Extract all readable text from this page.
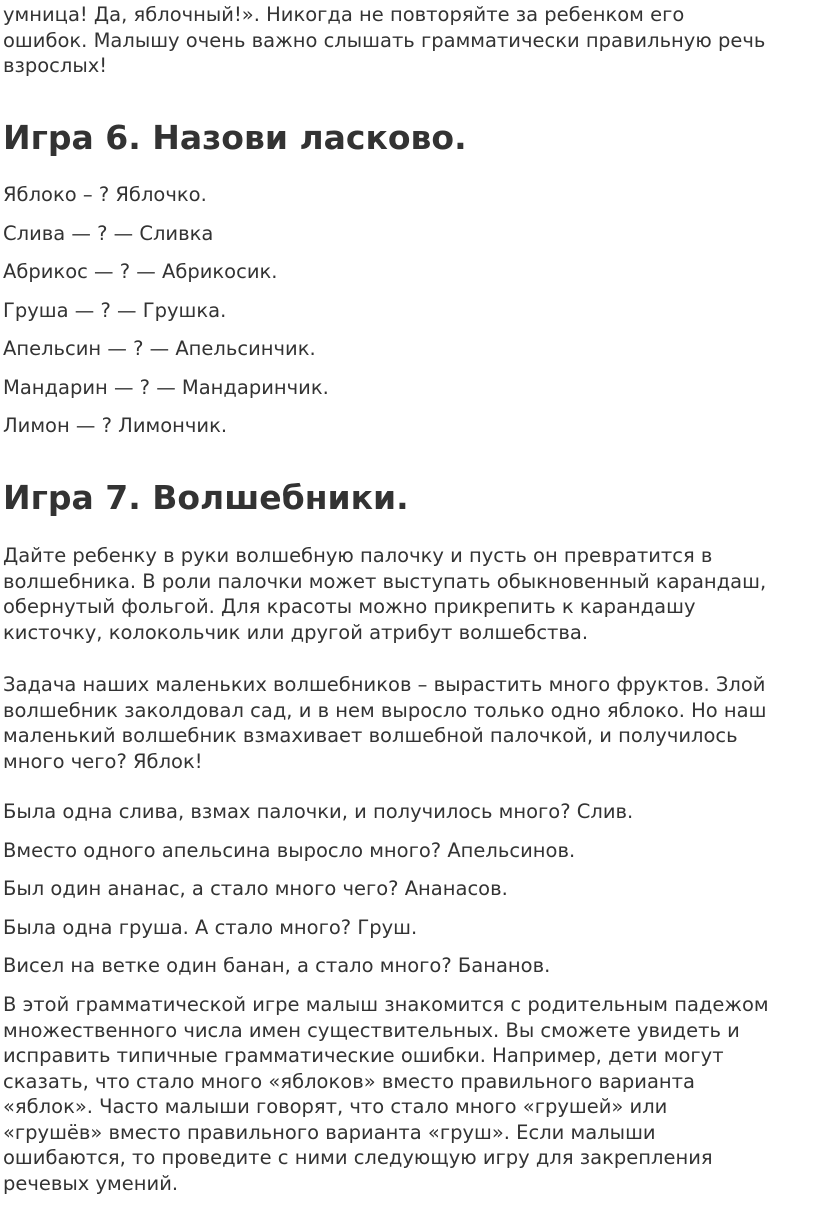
умница! Да, яблочный!». Никогда не повторяйте за ребенком его
ошибок. Малышу очень важно слышать грамматически правильную речь
взрослых!

Игра 6. Назови ласково.

Яблоко – ? Яблочко.

Слива — ? — Сливка

Абрикос — ? — Абрикосик.

Груша — ? — Грушка.

Апельсин — ? — Апельсинчик.

Мандарин — ? — Мандаринчик.

Лимон — ? Лимончик.

Игра 7. Волшебники.

Дайте ребенку в руки волшебную палочку и пусть он превратится в
волшебника. В роли палочки может выступать обыкновенный карандаш,
обернутый фольгой. Для красоты можно прикрепить к карандашу
кисточку, колокольчик или другой атрибут волшебства.

Задача наших маленьких волшебников – вырастить много фруктов. Злой
волшебник заколдовал сад, и в нем выросло только одно яблоко. Но наш
маленький волшебник взмахивает волшебной палочкой, и получилось
много чего? Яблок!

Была одна слива, взмах палочки, и получилось много? Слив.

Вместо одного апельсина выросло много? Апельсинов.

Был один ананас, а стало много чего? Ананасов.

Была одна груша. А стало много? Груш.

Висел на ветке один банан, а стало много? Бананов.

В этой грамматической игре малыш знакомится с родительным падежом
множественного числа имен существительных. Вы сможете увидеть и
исправить типичные грамматические ошибки. Например, дети могут
сказать, что стало много «яблоков» вместо правильного варианта
«яблок». Часто малыши говорят, что стало много «грушей» или
«грушёв» вместо правильного варианта «груш». Если малыши
ошибаются, то проведите с ними следующую игру для закрепления
речевых умений.
